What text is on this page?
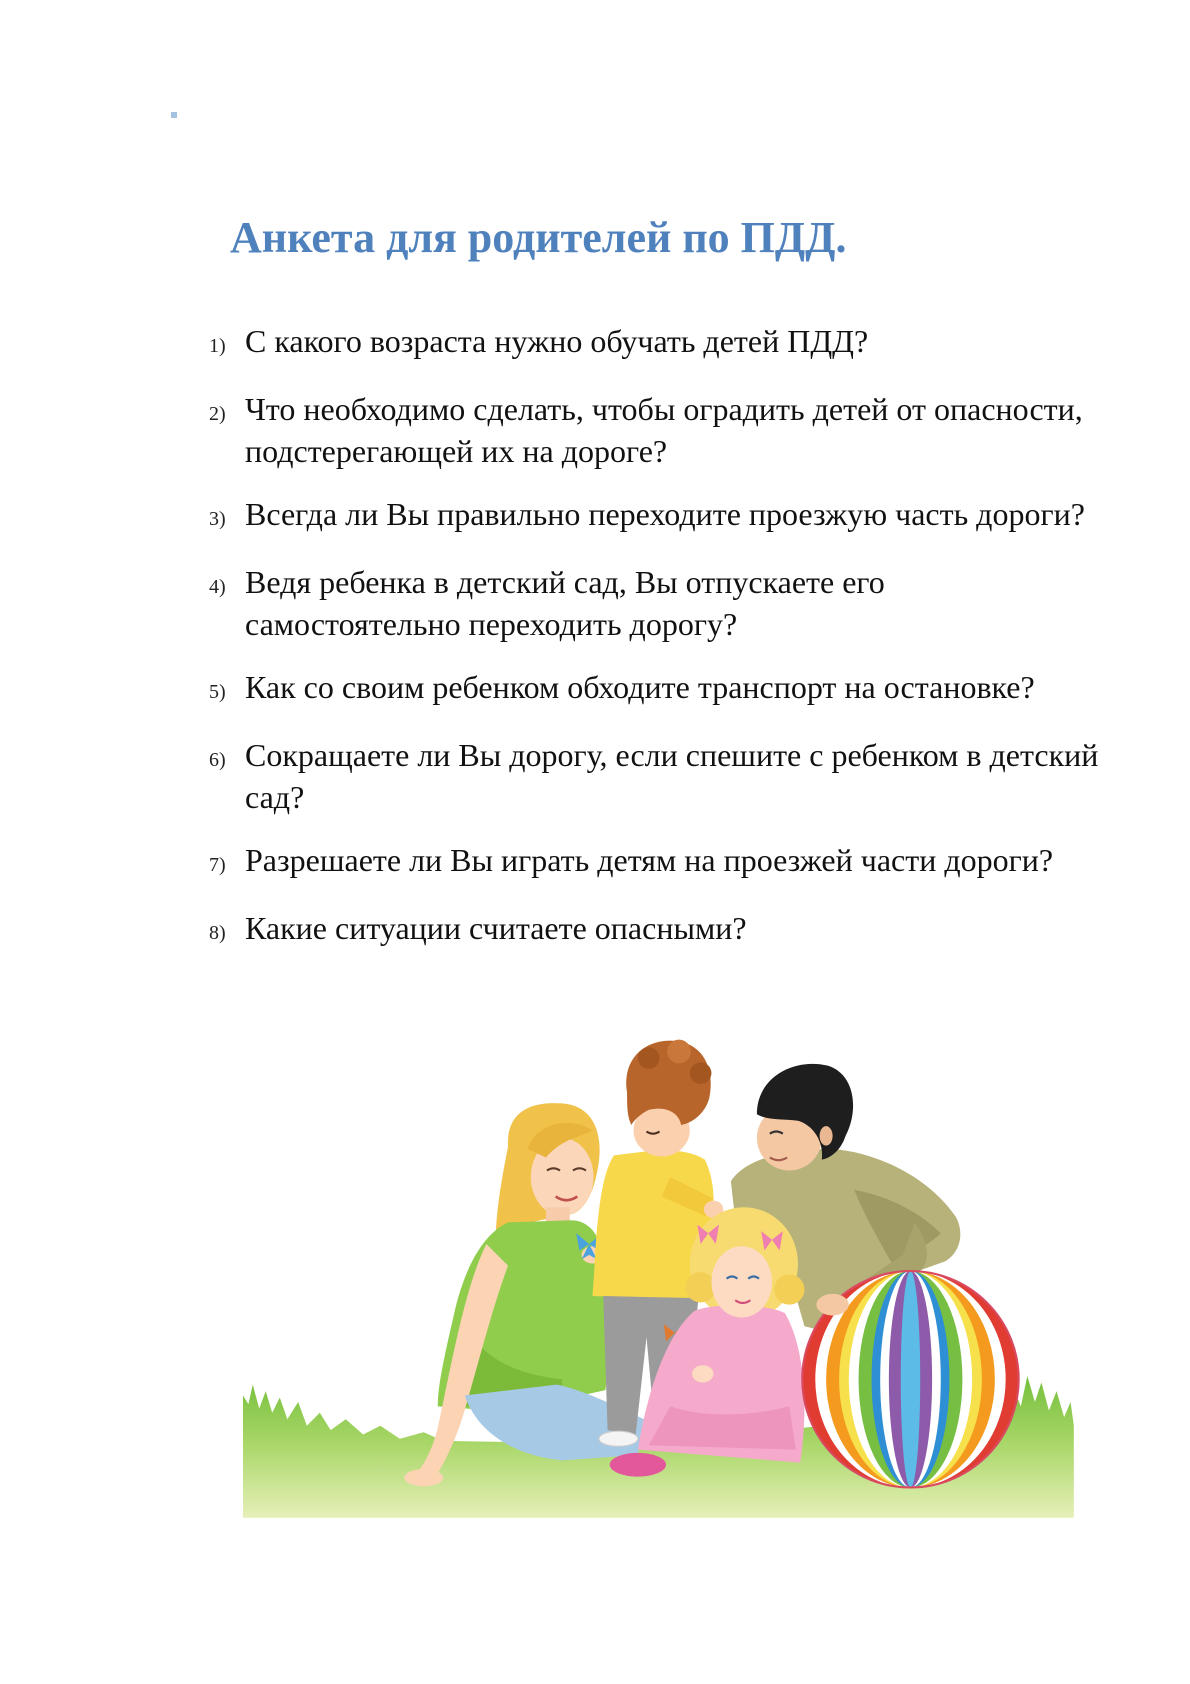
Анкета для родителей по ПДД.
1) С какого возраста нужно обучать детей ПДД?
2) Что необходимо сделать, чтобы оградить детей от опасности,
подстерегающей их на дороге?
3) Всегда ли Вы правильно переходите проезжую часть дороги?
4) Ведя ребенка в детский сад, Вы отпускаете его
самостоятельно переходить дорогу?
5) Как со своим ребенком обходите транспорт на остановке?
6) Сокращаете ли Вы дорогу, если спешите с ребенком в детский
сад?
7) Разрешаете ли Вы играть детям на проезжей части дороги?
8) Какие ситуации считаете опасными?
